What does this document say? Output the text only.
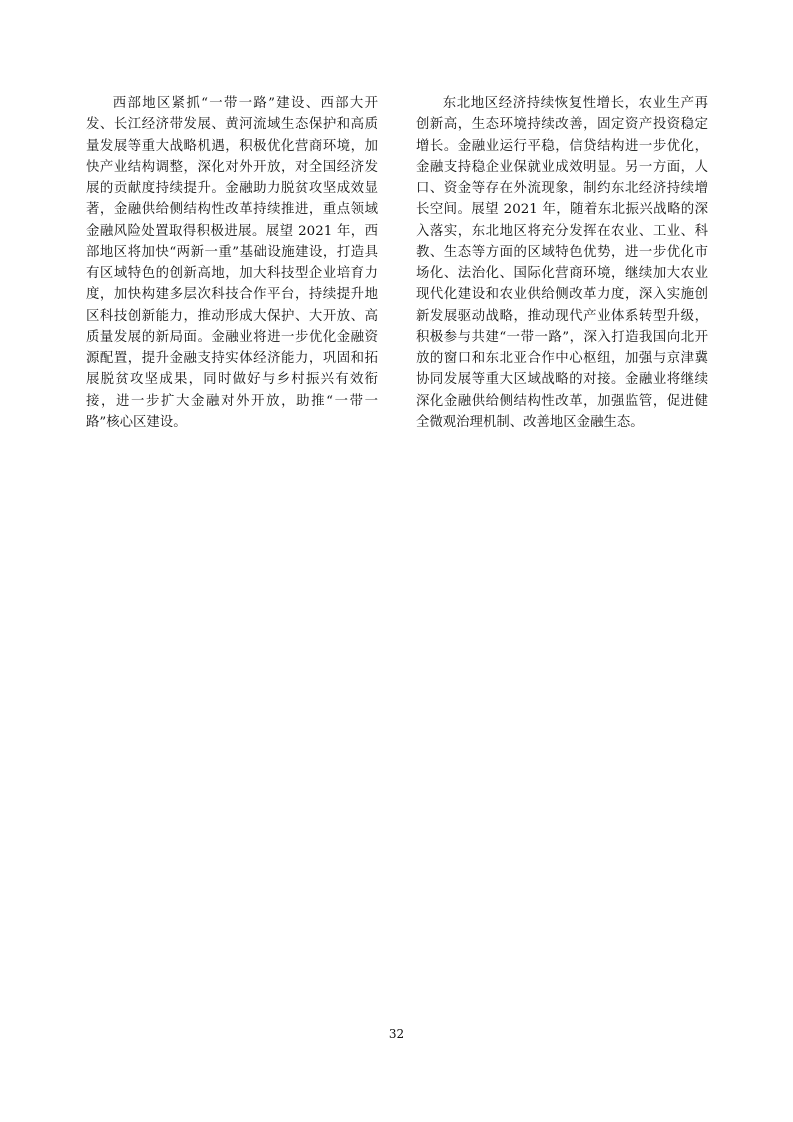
西部地区紧抓“一带一路”建设、西部大开发、长江经济带发展、黄河流域生态保护和高质量发展等重大战略机遇，积极优化营商环境，加快产业结构调整，深化对外开放，对全国经济发展的贡献度持续提升。金融助力脱贫攻坚成效显著，金融供给侧结构性改革持续推进，重点领域金融风险处置取得积极进展。展望 2021 年，西部地区将加快“两新一重”基础设施建设，打造具有区域特色的创新高地，加大科技型企业培育力度，加快构建多层次科技合作平台，持续提升地区科技创新能力，推动形成大保护、大开放、高质量发展的新局面。金融业将进一步优化金融资源配置，提升金融支持实体经济能力，巩固和拓展脱贫攻坚成果，同时做好与乡村振兴有效衔接，进一步扩大金融对外开放，助推“一带一路”核心区建设。

东北地区经济持续恢复性增长，农业生产再创新高，生态环境持续改善，固定资产投资稳定增长。金融业运行平稳，信贷结构进一步优化，金融支持稳企业保就业成效明显。另一方面，人口、资金等存在外流现象，制约东北经济持续增长空间。展望 2021 年，随着东北振兴战略的深入落实，东北地区将充分发挥在农业、工业、科教、生态等方面的区域特色优势，进一步优化市场化、法治化、国际化营商环境，继续加大农业现代化建设和农业供给侧改革力度，深入实施创新发展驱动战略，推动现代产业体系转型升级，积极参与共建“一带一路”，深入打造我国向北开放的窗口和东北亚合作中心枢纽，加强与京津冀协同发展等重大区域战略的对接。金融业将继续深化金融供给侧结构性改革，加强监管，促进健全微观治理机制、改善地区金融生态。

32
